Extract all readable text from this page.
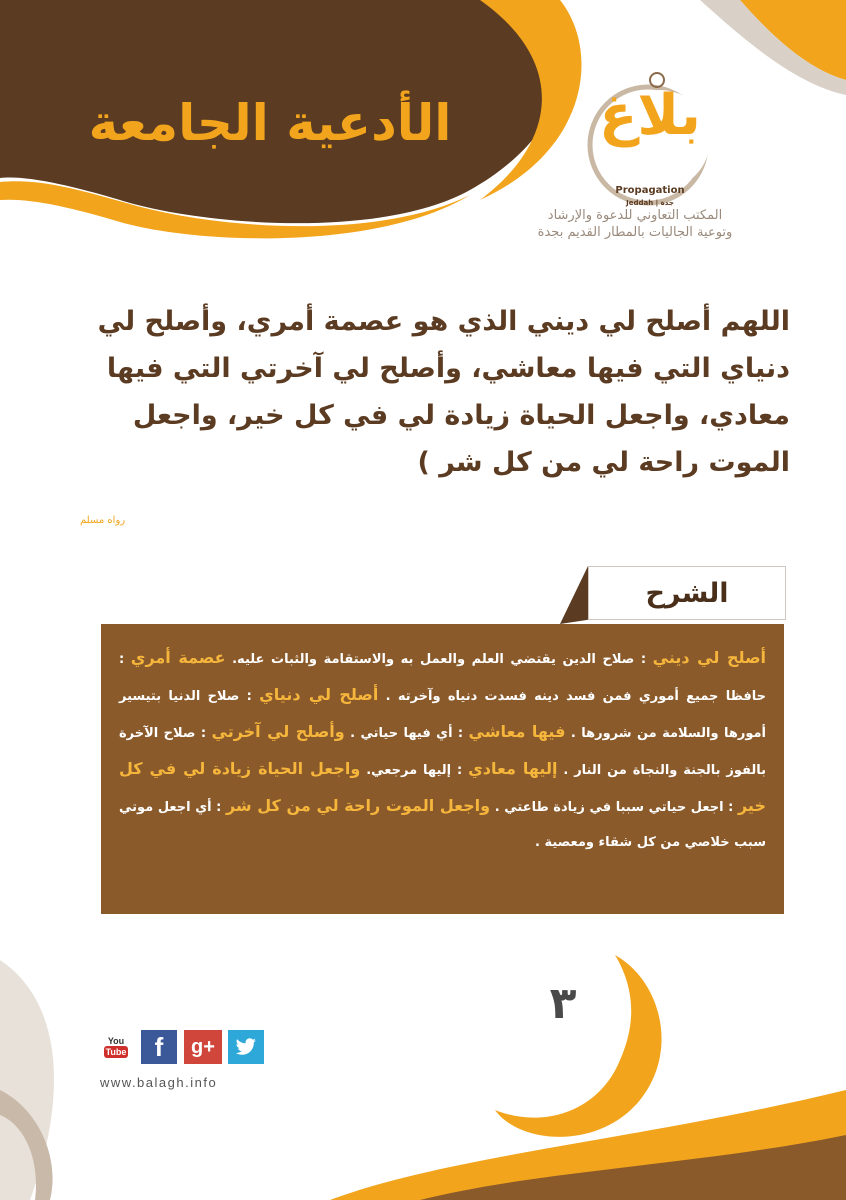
الأدعية الجامعة	بلاغ
Propagation
Jeddah | جدة
المكتب التعاوني للدعوة والإرشاد
وتوعية الجاليات بالمطار القديم بجدة
اللهم أصلح لي ديني الذي هو عصمة أمري، وأصلح لي دنياي التي فيها معاشي، وأصلح لي آخرتي التي فيها معادي، واجعل الحياة زيادة لي في كل خير، واجعل الموت راحة لي من كل شر )
رواه مسلم
الشرح
أصلح لي ديني : صلاح الدين يقتضي العلم والعمل به والاستقامة والثبات عليه. عصمة أمري : حافظا جميع أموري فمن فسد دينه فسدت دنياه وآخرته . أصلح لي دنياي : صلاح الدنيا بتيسير أمورها والسلامة من شرورها . فيها معاشي : أي فيها حياتي . وأصلح لي آخرتي : صلاح الآخرة بالفوز بالجنة والنجاة من النار . إليها معادي : إليها مرجعي. واجعل الحياة زيادة لي في كل خير : اجعل حياتي سببا في زيادة طاعتي . واجعل الموت راحة لي من كل شر : أي اجعل موتي سبب خلاصي من كل شقاء ومعصية .
٣
You
Tube	f	g+
www.balagh.info
